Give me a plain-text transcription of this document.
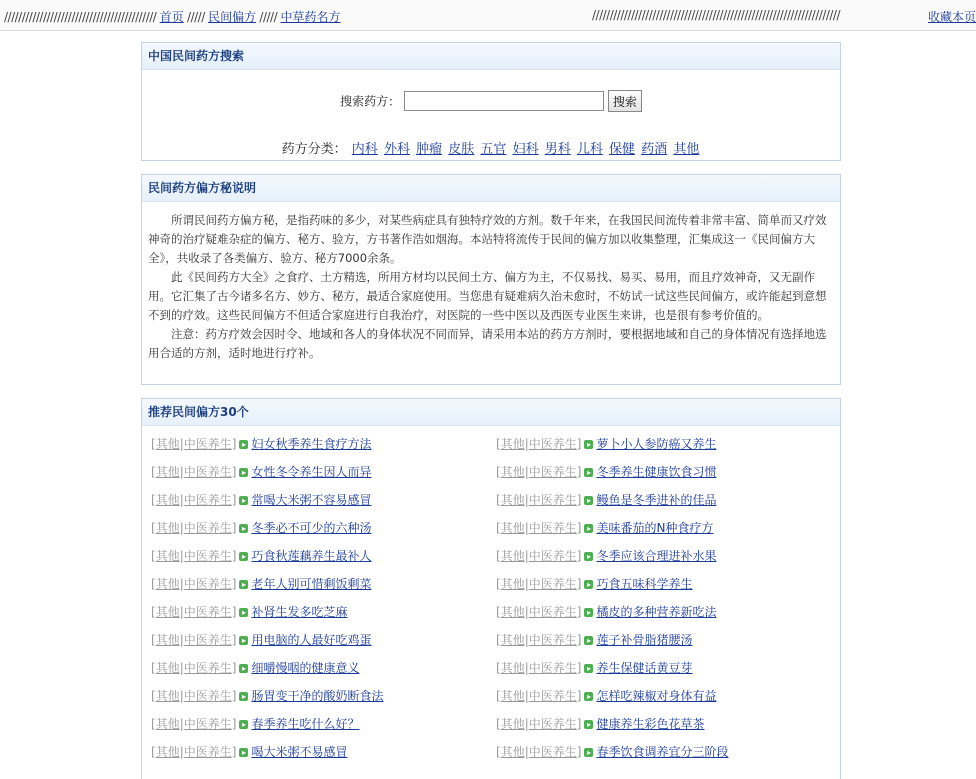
/////////////////////////////////////////// 首页 ///// 民间偏方 ///// 中草药名方	//////////////////////////////////////////////////////////////////////	收藏本页
中国民间药方搜索
搜索药方：	搜索
药方分类： 内科 外科 肿瘤 皮肤 五官 妇科 男科 儿科 保健 药酒 其他
民间药方偏方秘说明

所谓民间药方偏方秘，是指药味的多少，对某些病症具有独特疗效的方剂。数千年来，在我国民间流传着非常丰富、简单而又疗效神奇的治疗疑难杂症的偏方、秘方、验方，方书著作浩如烟海。本站特将流传于民间的偏方加以收集整理，汇集成这一《民间偏方大全》，共收录了各类偏方、验方、秘方7000余条。

此《民间药方大全》之食疗、土方精选，所用方材均以民间土方、偏方为主，不仅易找、易买、易用，而且疗效神奇，又无副作用。它汇集了古今诸多名方、妙方、秘方，最适合家庭使用。当您患有疑难病久治未愈时，不妨试一试这些民间偏方，或许能起到意想不到的疗效。这些民间偏方不但适合家庭进行自我治疗，对医院的一些中医以及西医专业医生来讲，也是很有参考价值的。

注意：药方疗效会因时令、地域和各人的身体状况不同而异，请采用本站的药方方剂时，要根据地域和自己的身体情况有选择地选用合适的方剂，适时地进行疗补。

推荐民间偏方30个
[其他|中医养生] ▸ 妇女秋季养生食疗方法
[其他|中医养生] ▸ 女性冬令养生因人而异
[其他|中医养生] ▸ 常喝大米粥不容易感冒
[其他|中医养生] ▸ 冬季必不可少的六种汤
[其他|中医养生] ▸ 巧食秋莲藕养生最补人
[其他|中医养生] ▸ 老年人别可惜剩饭剩菜
[其他|中医养生] ▸ 补肾生发多吃芝麻
[其他|中医养生] ▸ 用电脑的人最好吃鸡蛋
[其他|中医养生] ▸ 细嚼慢咽的健康意义
[其他|中医养生] ▸ 肠胃变干净的酸奶断食法
[其他|中医养生] ▸ 春季养生吃什么好？
[其他|中医养生] ▸ 喝大米粥不易感冒
[其他|中医养生] ▸ 萝卜小人参防癌又养生
[其他|中医养生] ▸ 冬季养生健康饮食习惯
[其他|中医养生] ▸ 鳗鱼是冬季进补的佳品
[其他|中医养生] ▸ 美味番茄的N种食疗方
[其他|中医养生] ▸ 冬季应该合理进补水果
[其他|中医养生] ▸ 巧食五味科学养生
[其他|中医养生] ▸ 橘皮的多种营养新吃法
[其他|中医养生] ▸ 莲子补骨脂猪腰汤
[其他|中医养生] ▸ 养生保健话黄豆芽
[其他|中医养生] ▸ 怎样吃辣椒对身体有益
[其他|中医养生] ▸ 健康养生彩色花草茶
[其他|中医养生] ▸ 春季饮食调养宜分三阶段
